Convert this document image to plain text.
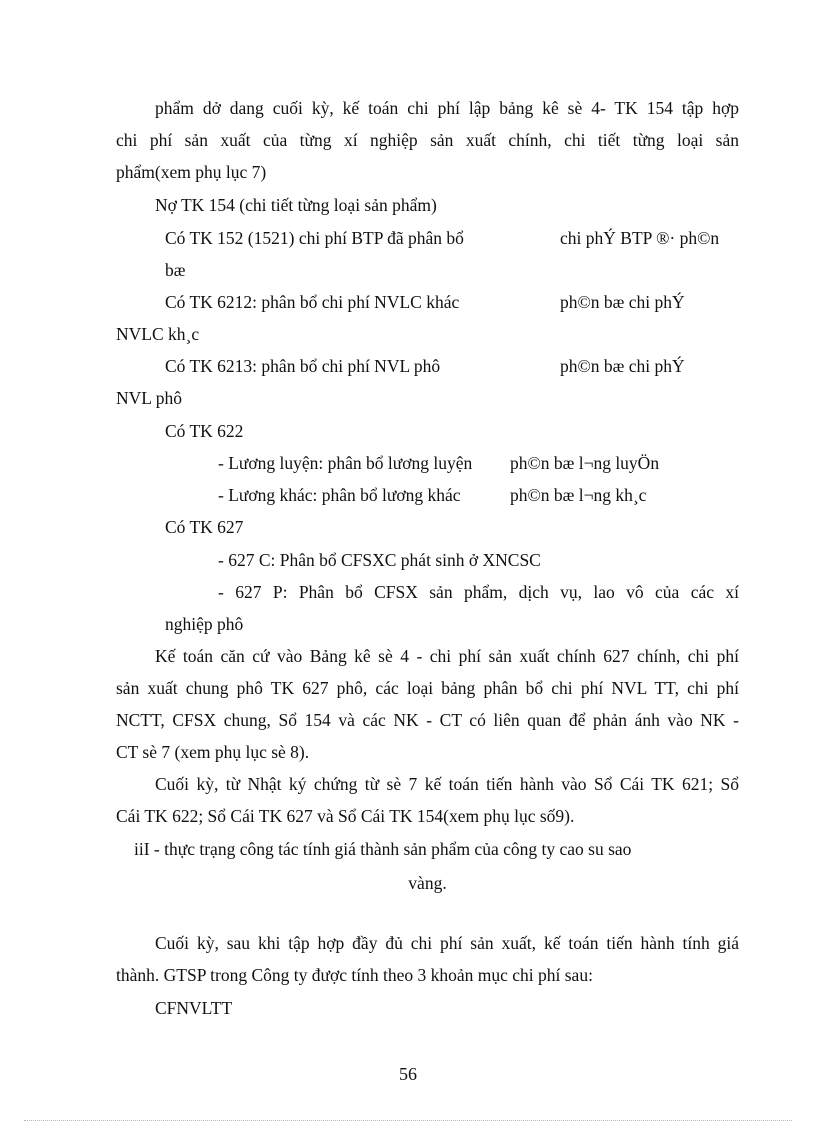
phẩm dở dang cuối kỳ, kế toán chi phí lập bảng kê sè 4- TK 154 tập hợp

chi phí sản xuất của từng xí nghiệp sản xuất chính, chi tiết từng loại sản

phẩm(xem phụ lục 7)

Nợ TK 154 (chi tiết từng loại sản phẩm)

Có TK 152 (1521) chi phí BTP đã phân bổ	chi phÝ BTP ®· ph©n

bæ

Có TK 6212: phân bổ chi phí NVLC khác	ph©n bæ chi phÝ

NVLC kh¸c

Có TK 6213: phân bổ chi phí NVL phô	ph©n bæ chi phÝ

NVL phô

Có TK 622

- Lương luyện: phân bổ lương luyện ph©n bæ l¬ng luyÖn

- Lương khác: phân bổ lương khác	ph©n bæ l¬ng kh¸c

Có TK 627

- 627 C: Phân bổ CFSXC phát sinh ở XNCSC

- 627 P: Phân bổ CFSX sản phẩm, dịch vụ, lao vô của các xí

nghiệp phô

Kế toán căn cứ vào Bảng kê sè 4 - chi phí sản xuất chính 627 chính, chi phí

sản xuất chung phô TK 627 phô, các loại bảng phân bổ chi phí NVL TT, chi phí

NCTT, CFSX chung, Sổ 154 và các NK - CT có liên quan để phản ánh vào NK -

CT sè 7 (xem phụ lục sè 8).

Cuối kỳ, từ Nhật ký chứng từ sè 7 kế toán tiến hành vào Sổ Cái TK 621; Sổ

Cái TK 622; Sổ Cái TK 627 và Sổ Cái TK 154(xem phụ lục số9).

iiI - thực trạng công tác tính giá thành sản phẩm của công ty cao su sao

vàng.

Cuối kỳ, sau khi tập hợp đầy đủ chi phí sản xuất, kế toán tiến hành tính giá

thành. GTSP trong Công ty được tính theo 3 khoản mục chi phí sau:

CFNVLTT

56
